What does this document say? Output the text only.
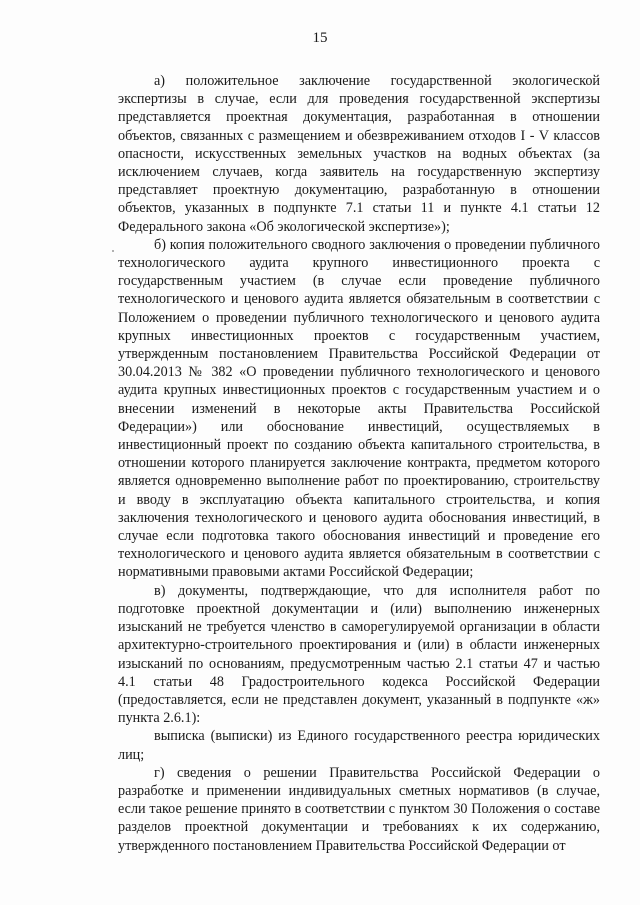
15

а) положительное заключение государственной экологической экспертизы в случае, если для проведения государственной экспертизы представляется проектная документация, разработанная в отношении объектов, связанных с размещением и обезвреживанием отходов I - V классов опасности, искусственных земельных участков на водных объектах (за исключением случаев, когда заявитель на государственную экспертизу представляет проектную документацию, разработанную в отношении объектов, указанных в подпункте 7.1 статьи 11 и пункте 4.1 статьи 12 Федерального закона «Об экологической экспертизе»);

б) копия положительного сводного заключения о проведении публичного технологического аудита крупного инвестиционного проекта с государственным участием (в случае если проведение публичного технологического и ценового аудита является обязательным в соответствии с Положением о проведении публичного технологического и ценового аудита крупных инвестиционных проектов с государственным участием, утвержденным постановлением Правительства Российской Федерации от 30.04.2013 № 382 «О проведении публичного технологического и ценового аудита крупных инвестиционных проектов с государственным участием и о внесении изменений в некоторые акты Правительства Российской Федерации») или обоснование инвестиций, осуществляемых в инвестиционный проект по созданию объекта капитального строительства, в отношении которого планируется заключение контракта, предметом которого является одновременно выполнение работ по проектированию, строительству и вводу в эксплуатацию объекта капитального строительства, и копия заключения технологического и ценового аудита обоснования инвестиций, в случае если подготовка такого обоснования инвестиций и проведение его технологического и ценового аудита является обязательным в соответствии с нормативными правовыми актами Российской Федерации;

в) документы, подтверждающие, что для исполнителя работ по подготовке проектной документации и (или) выполнению инженерных изысканий не требуется членство в саморегулируемой организации в области архитектурно-строительного проектирования и (или) в области инженерных изысканий по основаниям, предусмотренным частью 2.1 статьи 47 и частью 4.1 статьи 48 Градостроительного кодекса Российской Федерации (предоставляется, если не представлен документ, указанный в подпункте «ж» пункта 2.6.1):

выписка (выписки) из Единого государственного реестра юридических лиц;

г) сведения о решении Правительства Российской Федерации о разработке и применении индивидуальных сметных нормативов (в случае, если такое решение принято в соответствии с пунктом 30 Положения о составе разделов проектной документации и требованиях к их содержанию, утвержденного постановлением Правительства Российской Федерации от
